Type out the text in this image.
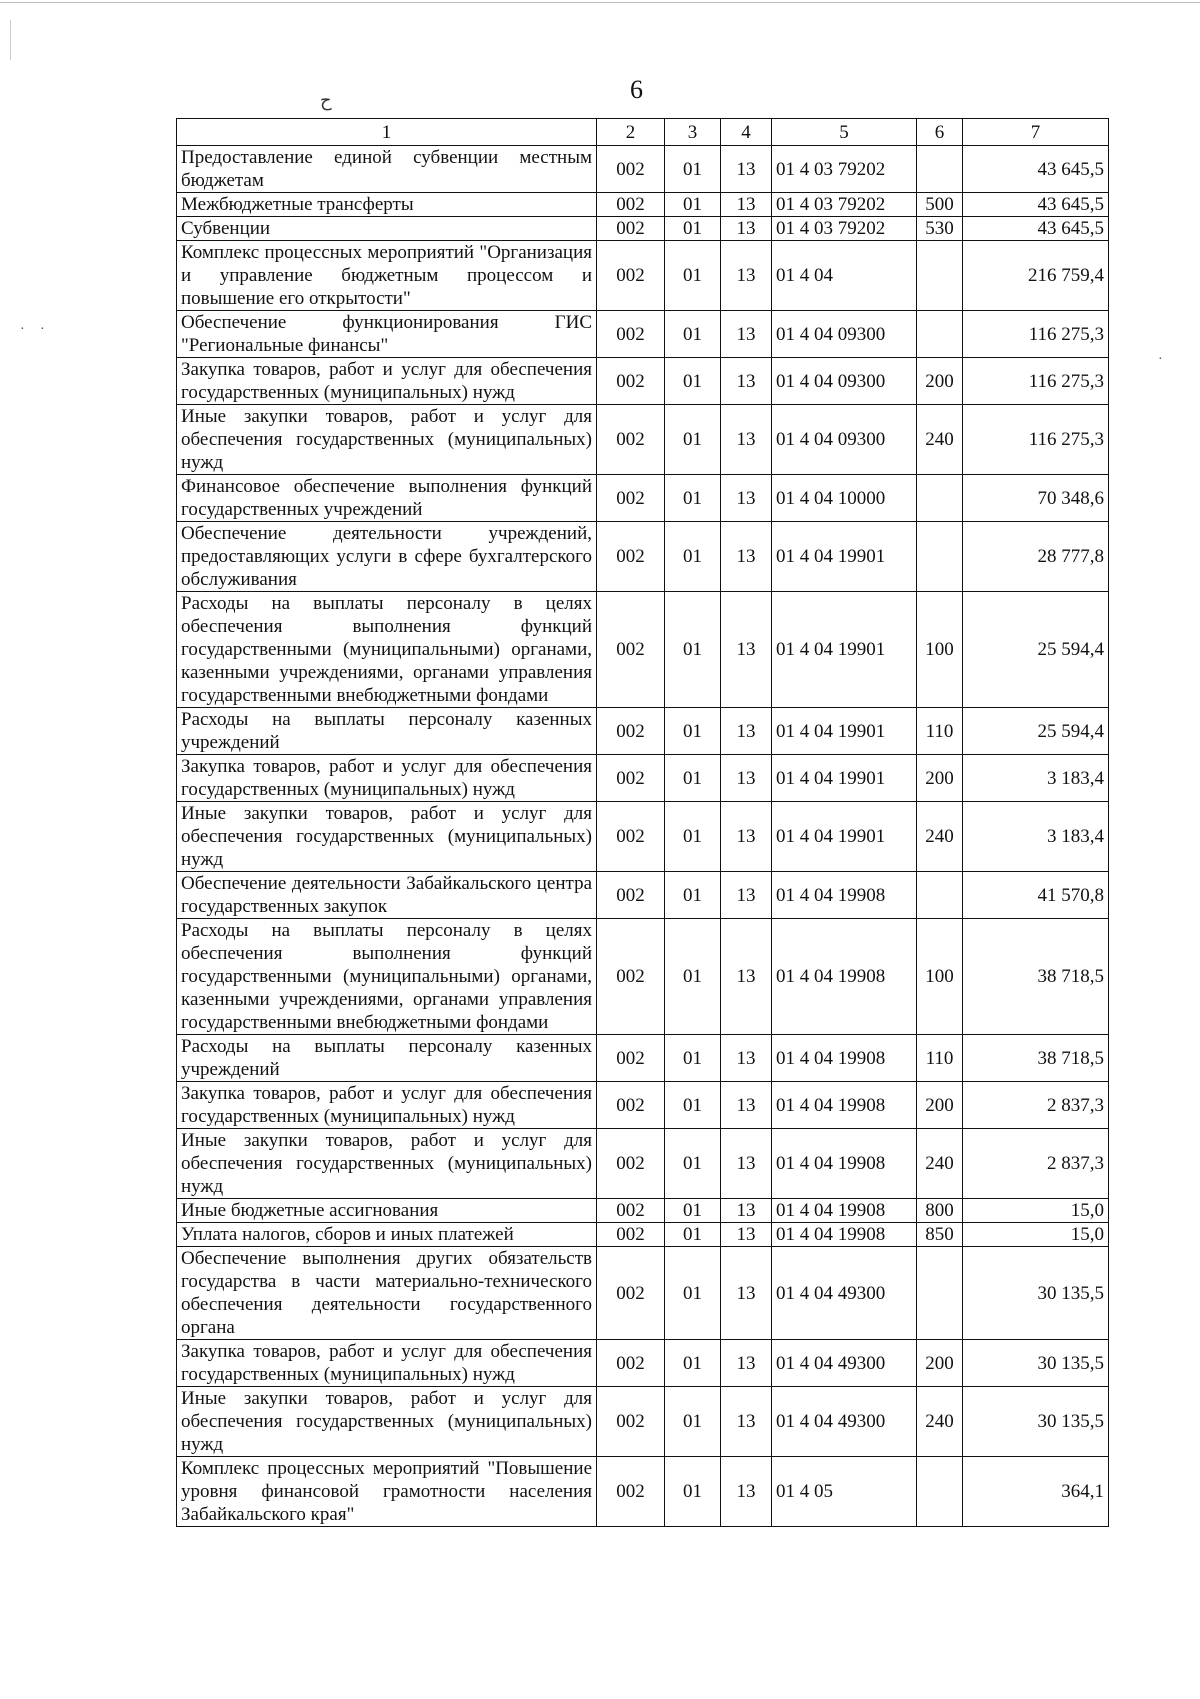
6
ﺡ
· ·
·
1	2	3	4	5	6	7
Предоставление единой субвенции местным бюджетам	002	01	13	01 4 03 79202		43 645,5
Межбюджетные трансферты	002	01	13	01 4 03 79202	500	43 645,5
Субвенции	002	01	13	01 4 03 79202	530	43 645,5
Комплекс процессных мероприятий "Организация и управление бюджетным процессом и повышение его открытости"	002	01	13	01 4 04		216 759,4
Обеспечение функционирования ГИС "Региональные финансы"	002	01	13	01 4 04 09300		116 275,3
Закупка товаров, работ и услуг для обеспечения государственных (муниципальных) нужд	002	01	13	01 4 04 09300	200	116 275,3
Иные закупки товаров, работ и услуг для обеспечения государственных (муниципальных) нужд	002	01	13	01 4 04 09300	240	116 275,3
Финансовое обеспечение выполнения функций государственных учреждений	002	01	13	01 4 04 10000		70 348,6
Обеспечение деятельности учреждений, предоставляющих услуги в сфере бухгалтерского обслуживания	002	01	13	01 4 04 19901		28 777,8
Расходы на выплаты персоналу в целях обеспечения выполнения функций государственными (муниципальными) органами, казенными учреждениями, органами управления государственными внебюджетными фондами	002	01	13	01 4 04 19901	100	25 594,4
Расходы на выплаты персоналу казенных учреждений	002	01	13	01 4 04 19901	110	25 594,4
Закупка товаров, работ и услуг для обеспечения государственных (муниципальных) нужд	002	01	13	01 4 04 19901	200	3 183,4
Иные закупки товаров, работ и услуг для обеспечения государственных (муниципальных) нужд	002	01	13	01 4 04 19901	240	3 183,4
Обеспечение деятельности Забайкальского центра государственных закупок	002	01	13	01 4 04 19908		41 570,8
Расходы на выплаты персоналу в целях обеспечения выполнения функций государственными (муниципальными) органами, казенными учреждениями, органами управления государственными внебюджетными фондами	002	01	13	01 4 04 19908	100	38 718,5
Расходы на выплаты персоналу казенных учреждений	002	01	13	01 4 04 19908	110	38 718,5
Закупка товаров, работ и услуг для обеспечения государственных (муниципальных) нужд	002	01	13	01 4 04 19908	200	2 837,3
Иные закупки товаров, работ и услуг для обеспечения государственных (муниципальных) нужд	002	01	13	01 4 04 19908	240	2 837,3
Иные бюджетные ассигнования	002	01	13	01 4 04 19908	800	15,0
Уплата налогов, сборов и иных платежей	002	01	13	01 4 04 19908	850	15,0
Обеспечение выполнения других обязательств государства в части материально-технического обеспечения деятельности государственного органа	002	01	13	01 4 04 49300		30 135,5
Закупка товаров, работ и услуг для обеспечения государственных (муниципальных) нужд	002	01	13	01 4 04 49300	200	30 135,5
Иные закупки товаров, работ и услуг для обеспечения государственных (муниципальных) нужд	002	01	13	01 4 04 49300	240	30 135,5
Комплекс процессных мероприятий "Повышение уровня финансовой грамотности населения Забайкальского края"	002	01	13	01 4 05		364,1
